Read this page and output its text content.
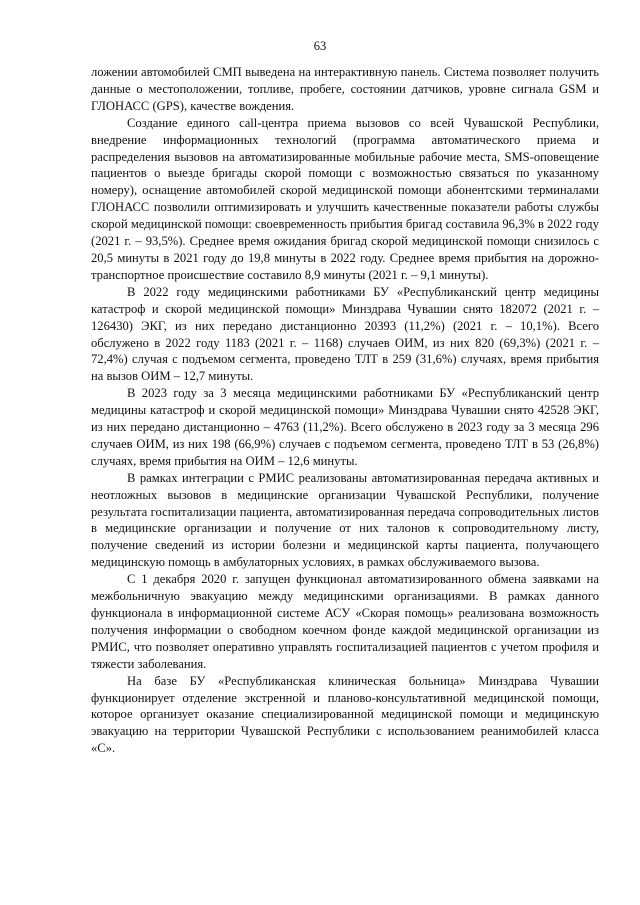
63

ложении автомобилей СМП выведена на интерактивную панель. Система позволяет получить данные о местоположении, топливе, пробеге, состоянии датчиков, уровне сигнала GSM и ГЛОНАСС (GPS), качестве вождения.

Создание единого call-центра приема вызовов со всей Чувашской Республики, внедрение информационных технологий (программа автоматического приема и распределения вызовов на автоматизированные мобильные рабочие места, SMS-оповещение пациентов о выезде бригады скорой помощи с возможностью связаться по указанному номеру), оснащение автомобилей скорой медицинской помощи абонентскими терминалами ГЛОНАСС позволили оптимизировать и улучшить качественные показатели работы службы скорой медицинской помощи: своевременность прибытия бригад составила 96,3% в 2022 году (2021 г. – 93,5%). Среднее время ожидания бригад скорой медицинской помощи снизилось с 20,5 минуты в 2021 году до 19,8 минуты в 2022 году. Среднее время прибытия на дорожно-транспортное происшествие составило 8,9 минуты (2021 г. – 9,1 минуты).

В 2022 году медицинскими работниками БУ «Республиканский центр медицины катастроф и скорой медицинской помощи» Минздрава Чувашии снято 182072 (2021 г. – 126430) ЭКГ, из них передано дистанционно 20393 (11,2%) (2021 г. – 10,1%). Всего обслужено в 2022 году 1183 (2021 г. – 1168) случаев ОИМ, из них 820 (69,3%) (2021 г. – 72,4%) случая с подъемом сегмента, проведено ТЛТ в 259 (31,6%) случаях, время прибытия на вызов ОИМ – 12,7 минуты.

В 2023 году за 3 месяца медицинскими работниками БУ «Республиканский центр медицины катастроф и скорой медицинской помощи» Минздрава Чувашии снято 42528 ЭКГ, из них передано дистанционно – 4763 (11,2%). Всего обслужено в 2023 году за 3 месяца 296 случаев ОИМ, из них 198 (66,9%) случаев с подъемом сегмента, проведено ТЛТ в 53 (26,8%) случаях, время прибытия на ОИМ – 12,6 минуты.

В рамках интеграции с РМИС реализованы автоматизированная передача активных и неотложных вызовов в медицинские организации Чувашской Республики, получение результата госпитализации пациента, автоматизированная передача сопроводительных листов в медицинские организации и получение от них талонов к сопроводительному листу, получение сведений из истории болезни и медицинской карты пациента, получающего медицинскую помощь в амбулаторных условиях, в рамках обслуживаемого вызова.

С 1 декабря 2020 г. запущен функционал автоматизированного обмена заявками на межбольничную эвакуацию между медицинскими организациями. В рамках данного функционала в информационной системе АСУ «Скорая помощь» реализована возможность получения информации о свободном коечном фонде каждой медицинской организации из РМИС, что позволяет оперативно управлять госпитализацией пациентов с учетом профиля и тяжести заболевания.

На базе БУ «Республиканская клиническая больница» Минздрава Чувашии функционирует отделение экстренной и планово-консультативной медицинской помощи, которое организует оказание специализированной медицинской помощи и медицинскую эвакуацию на территории Чувашской Республики с использованием реанимобилей класса «С».
